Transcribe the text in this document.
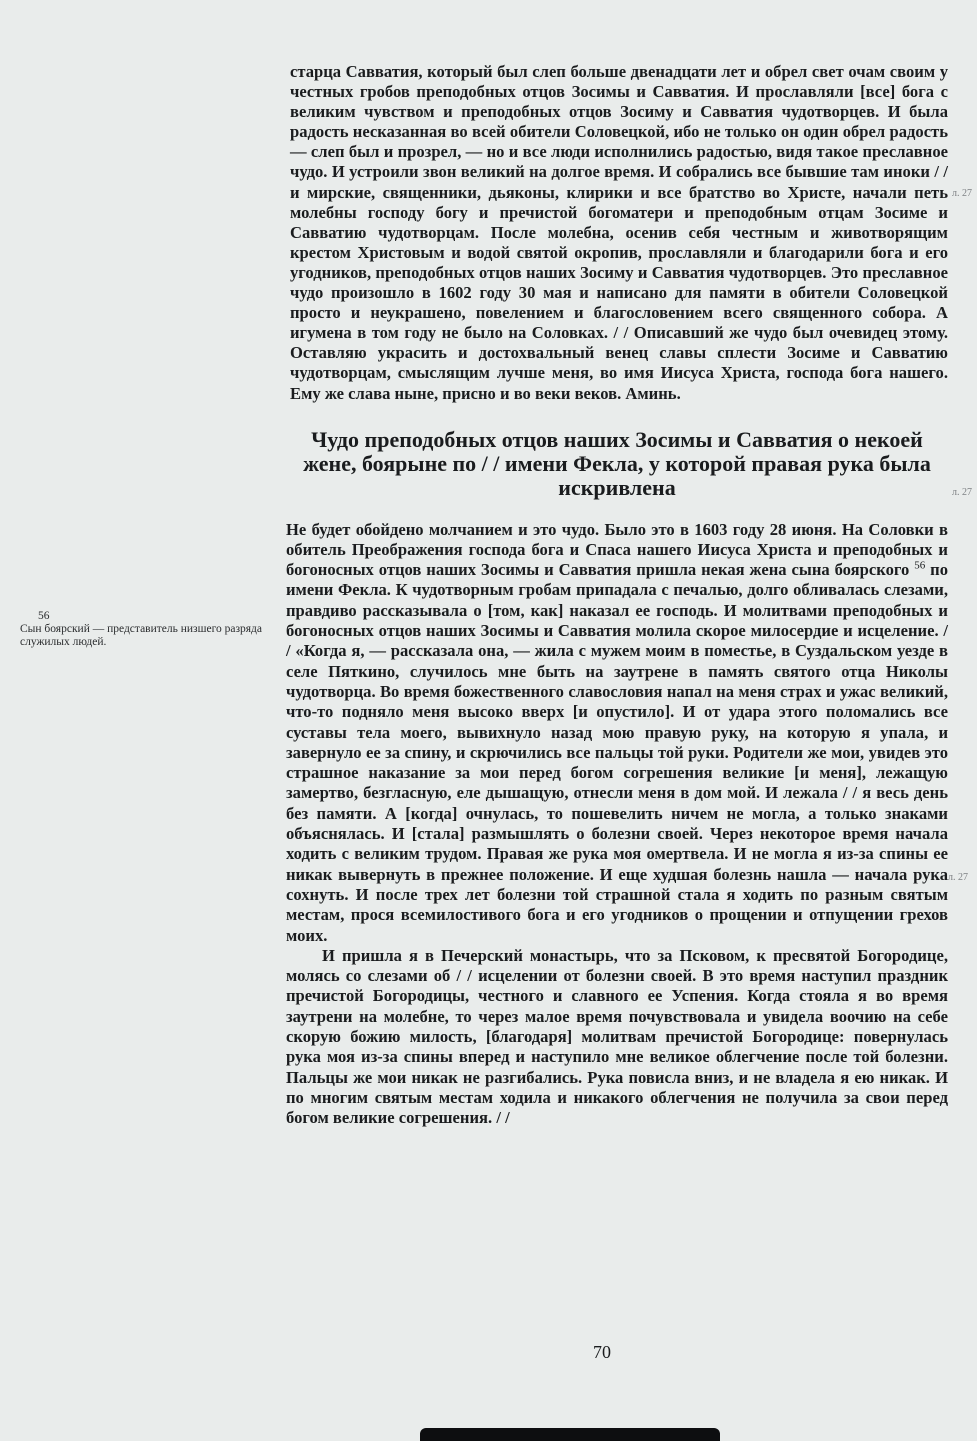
56
Сын боярский — представитель низшего разряда служилых людей.

старца Савватия, который был слеп больше двенадцати лет и обрел свет очам своим у честных гробов преподобных отцов Зосимы и Савватия. И прославляли [все] бога с великим чувством и преподобных отцов Зосиму и Савватия чудотворцев. И была радость несказанная во всей обители Соловецкой, ибо не только он один обрел радость — слеп был и прозрел, — но и все люди исполнились радостью, видя такое преславное чудо. И устроили звон великий на долгое время. И собрались все бывшие там иноки / / и мирские, священники, дьяконы, клирики и все братство во Христе, начали петь молебны господу богу и пречистой богоматери и преподобным отцам Зосиме и Савватию чудотворцам. После молебна, осенив себя честным и животворящим крестом Христовым и водой святой окропив, прославляли и благодарили бога и его угодников, преподобных отцов наших Зосиму и Савватия чудотворцев. Это преславное чудо произошло в 1602 году 30 мая и написано для памяти в обители Соловецкой просто и неукрашено, повелением и благословением всего священного собора. А игумена в том году не было на Соловках. / / Описавший же чудо был очевидец этому. Оставляю украсить и достохвальный венец славы сплести Зосиме и Савватию чудотворцам, смыслящим лучше меня, во имя Иисуса Христа, господа бога нашего. Ему же слава ныне, присно и во веки веков. Аминь.

Чудо преподобных отцов наших Зосимы и Савватия о некоей жене, боярыне по / / имени Фекла, у которой правая рука была искривлена

Не будет обойдено молчанием и это чудо. Было это в 1603 году 28 июня. На Соловки в обитель Преображения господа бога и Спаса нашего Иисуса Христа и преподобных и богоносных отцов наших Зосимы и Савватия пришла некая жена сына боярского $^{56}$ по имени Фекла. К чудотворным гробам припадала с печалью, долго обливалась слезами, правдиво рассказывала о [том, как] наказал ее господь. И молитвами преподобных и богоносных отцов наших Зосимы и Савватия молила скорое милосердие и исцеление. / / «Когда я, — рассказала она, — жила с мужем моим в поместье, в Суздальском уезде в селе Пяткино, случилось мне быть на заутрене в память святого отца Николы чудотворца. Во время божественного славословия напал на меня страх и ужас великий, что-то подняло меня высоко вверх [и опустило]. И от удара этого поломались все суставы тела моего, вывихнуло назад мою правую руку, на которую я упала, и завернуло ее за спину, и скрючились все пальцы той руки. Родители же мои, увидев это страшное наказание за мои перед богом согрешения великие [и меня], лежащую замертво, безгласную, еле дышащую, отнесли меня в дом мой. И лежала / / я весь день без памяти. А [когда] очнулась, то пошевелить ничем не могла, а только знаками объяснялась. И [стала] размышлять о болезни своей. Через некоторое время начала ходить с великим трудом. Правая же рука моя омертвела. И не могла я из-за спины ее никак вывернуть в прежнее положение. И еще худшая болезнь нашла — начала рука сохнуть. И после трех лет болезни той страшной стала я ходить по разным святым местам, прося всемилостивого бога и его угодников о прощении и отпущении грехов моих.

И пришла я в Печерский монастырь, что за Псковом, к пресвятой Богородице, молясь со слезами об / / исцелении от болезни своей. В это время наступил праздник пречистой Богородицы, честного и славного ее Успения. Когда стояла я во время заутрени на молебне, то через малое время почувствовала и увидела воочию на себе скорую божию милость, [благодаря] молитвам пречистой Богородице: повернулась рука моя из-за спины вперед и наступило мне великое облегчение после той болезни. Пальцы же мои никак не разгибались. Рука повисла вниз, и не владела я ею никак. И по многим святым местам ходила и никакого облегчения не получила за свои перед богом великие согрешения. / /

л. 27
л. 27
л. 27
70
